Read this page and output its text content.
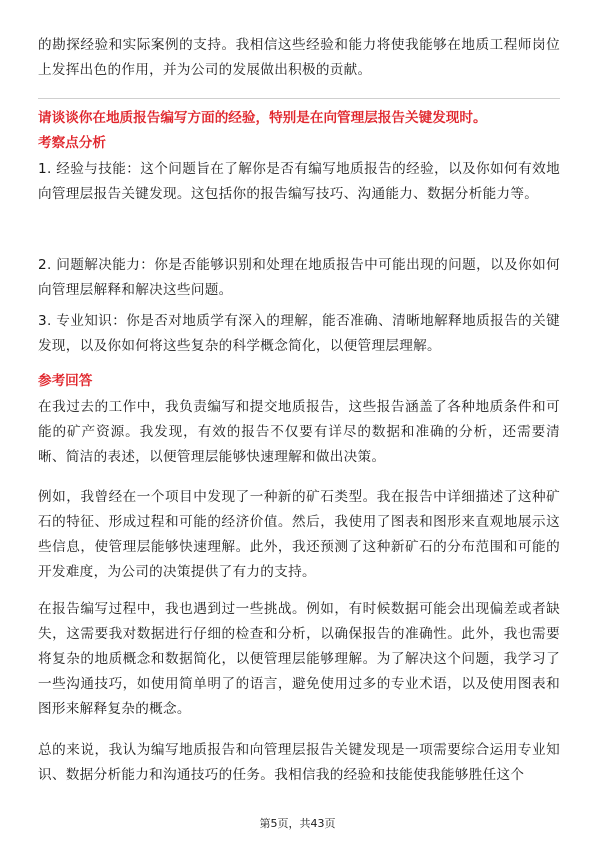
的勘探经验和实际案例的支持。我相信这些经验和能力将使我能够在地质工程师岗位上发挥出色的作用，并为公司的发展做出积极的贡献。

请谈谈你在地质报告编写方面的经验，特别是在向管理层报告关键发现时。

考察点分析

1. 经验与技能：这个问题旨在了解你是否有编写地质报告的经验，以及你如何有效地向管理层报告关键发现。这包括你的报告编写技巧、沟通能力、数据分析能力等。

2. 问题解决能力：你是否能够识别和处理在地质报告中可能出现的问题，以及你如何向管理层解释和解决这些问题。

3. 专业知识：你是否对地质学有深入的理解，能否准确、清晰地解释地质报告的关键发现，以及你如何将这些复杂的科学概念简化，以便管理层理解。

参考回答

在我过去的工作中，我负责编写和提交地质报告，这些报告涵盖了各种地质条件和可能的矿产资源。我发现，有效的报告不仅要有详尽的数据和准确的分析，还需要清晰、简洁的表述，以便管理层能够快速理解和做出决策。

例如，我曾经在一个项目中发现了一种新的矿石类型。我在报告中详细描述了这种矿石的特征、形成过程和可能的经济价值。然后，我使用了图表和图形来直观地展示这些信息，使管理层能够快速理解。此外，我还预测了这种新矿石的分布范围和可能的开发难度，为公司的决策提供了有力的支持。

在报告编写过程中，我也遇到过一些挑战。例如，有时候数据可能会出现偏差或者缺失，这需要我对数据进行仔细的检查和分析，以确保报告的准确性。此外，我也需要将复杂的地质概念和数据简化，以便管理层能够理解。为了解决这个问题，我学习了一些沟通技巧，如使用简单明了的语言，避免使用过多的专业术语，以及使用图表和图形来解释复杂的概念。

总的来说，我认为编写地质报告和向管理层报告关键发现是一项需要综合运用专业知识、数据分析能力和沟通技巧的任务。我相信我的经验和技能使我能够胜任这个

第5页，共43页
